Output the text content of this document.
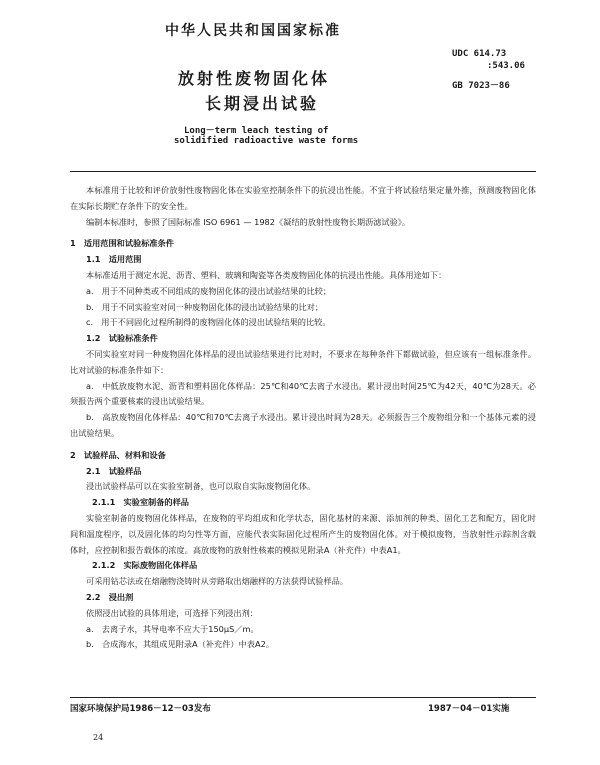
中华人民共和国国家标准
放射性废物固化体
长期浸出试验
UDC 614.73
:543.06
GB 7023－86
Long－term leach testing of
solidified radioactive waste forms

本标准用于比较和评价放射性废物固化体在实验室控制条件下的抗浸出性能。不宜于将试验结果定量外推，预测废物固化体在实际长期贮存条件下的安全性。

编制本标准时，参照了国际标准 ISO 6961 — 1982《凝结的放射性废物长期沥滤试验》。

1　适用范围和试验标准条件

1.1　适用范围

本标准适用于测定水泥、沥青、塑料、玻璃和陶瓷等各类废物固化体的抗浸出性能。具体用途如下：

a.　用于不同种类或不同组成的废物固化体的浸出试验结果的比较；

b.　用于不同实验室对同一种废物固化体的浸出试验结果的比对；

c.　用于不同固化过程所制得的废物固化体的浸出试验结果的比较。

1.2　试验标准条件

不同实验室对同一种废物固化体样品的浸出试验结果进行比对时，不要求在每种条件下都做试验，但应该有一组标准条件。比对试验的标准条件如下：

a.　中低放废物水泥、沥青和塑料固化体样品：25℃和40℃去离子水浸出。累计浸出时间25℃为42天，40℃为28天。必须报告两个重要核素的浸出试验结果。

b.　高放废物固化体样品：40℃和70℃去离子水浸出。累计浸出时间为28天。必须报告三个废物组分和一个基体元素的浸出试验结果。

2　试验样品、材料和设备

2.1　试验样品

浸出试验样品可以在实验室制备，也可以取自实际废物固化体。

2.1.1　实验室制备的样品

实验室制备的废物固化体样品，在废物的平均组成和化学状态，固化基材的来源、添加剂的种类、固化工艺和配方，固化时间和温度程序，以及固化体的均匀性等方面，应能代表实际固化过程所产生的废物固化体。对于模拟废物，当放射性示踪剂含载体时，应控制和报告载体的浓度。高放废物的放射性核素的模拟见附录A（补充件）中表A1。

2.1.2　实际废物固化体样品

可采用钻芯法或在熔融物浇铸时从旁路取出熔融样的方法获得试验样品。

2.2　浸出剂

依照浸出试验的具体用途，可选择下列浸出剂：

a.　去离子水，其导电率不应大于150μS／m。

b.　合成海水，其组成见附录A（补充件）中表A2。

国家环境保护局1986－12－03发布	1987－04－01实施
24
